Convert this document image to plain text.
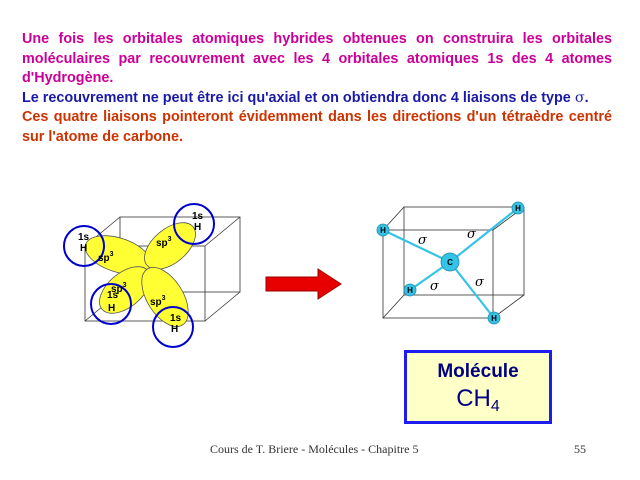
Une fois les orbitales atomiques hybrides obtenues on construira les orbitales moléculaires par recouvrement avec les 4 orbitales atomiques 1s des 4 atomes d'Hydrogène.

Le recouvrement ne peut être ici qu'axial et on obtiendra donc 4 liaisons de type σ.

Ces quatre liaisons pointeront évidemment dans les directions d'un tétraèdre centré sur l'atome de carbone.

1s
H
1s
H
1s
H
1s
H
$sp^3$
$sp^3$
$sp^3$
$sp^3$
H
H
H
H
C
σ	σ
σ	σ
Molécule
$CH_4$
Cours de T. Briere - Molécules - Chapitre 5	55
